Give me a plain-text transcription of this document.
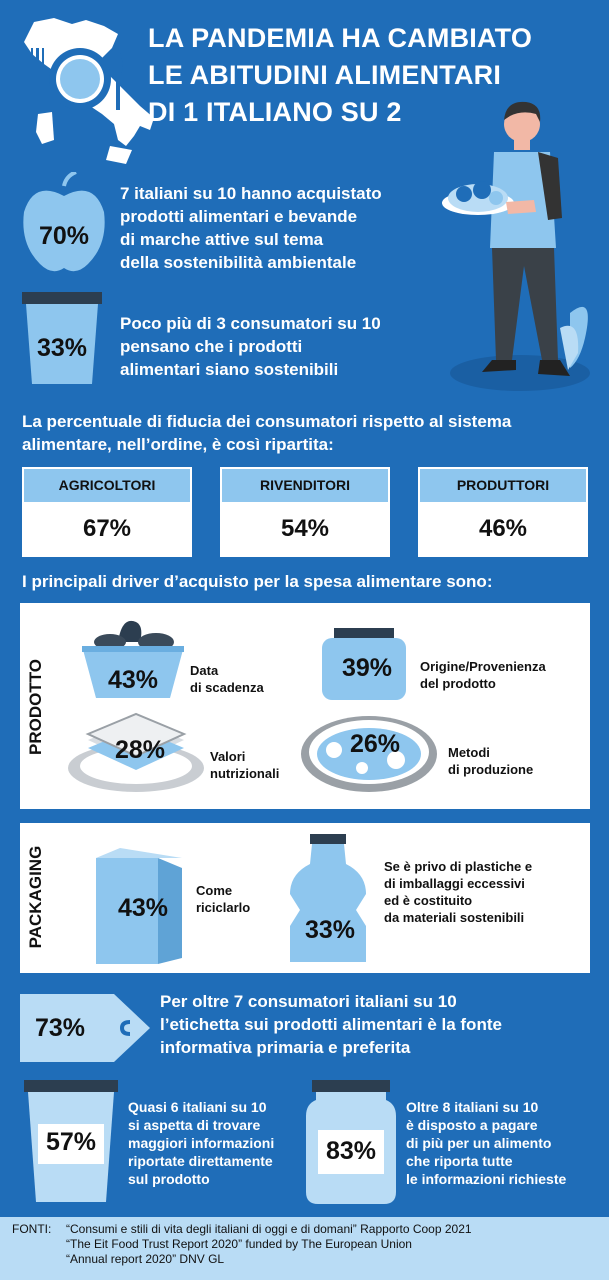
LA PANDEMIA HA CAMBIATO
LE ABITUDINI ALIMENTARI
DI 1 ITALIANO SU 2
70%
7 italiani su 10 hanno acquistato
prodotti alimentari e bevande
di marche attive sul tema
della sostenibilità ambientale
33%
Poco più di 3 consumatori su 10
pensano che i prodotti
alimentari siano sostenibili
La percentuale di fiducia dei consumatori rispetto al sistema
alimentare, nell’ordine, è così ripartita:
AGRICOLTORI
67%
RIVENDITORI
54%
PRODUTTORI
46%
I principali driver d’acquisto per la spesa alimentare sono:
PRODOTTO	43%	Data
di scadenza
39%	Origine/Provenienza
del prodotto
28%	Valori
nutrizionali
26%	Metodi
di produzione
PACKAGING	43%
Come
riciclarlo
33%
Se è privo di plastiche e
di imballaggi eccessivi
ed è costituito
da materiali sostenibili
73%
Per oltre 7 consumatori italiani su 10
l’etichetta sui prodotti alimentari è la fonte
informativa primaria e preferita
57%
Quasi 6 italiani su 10
si aspetta di trovare
maggiori informazioni
riportate direttamente
sul prodotto
83%
Oltre 8 italiani su 10
è disposto a pagare
di più per un alimento
che riporta tutte
le informazioni richieste
FONTI: “Consumi e stili di vita degli italiani di oggi e di domani” Rapporto Coop 2021
“The Eit Food Trust Report 2020” funded by The European Union
“Annual report 2020” DNV GL
